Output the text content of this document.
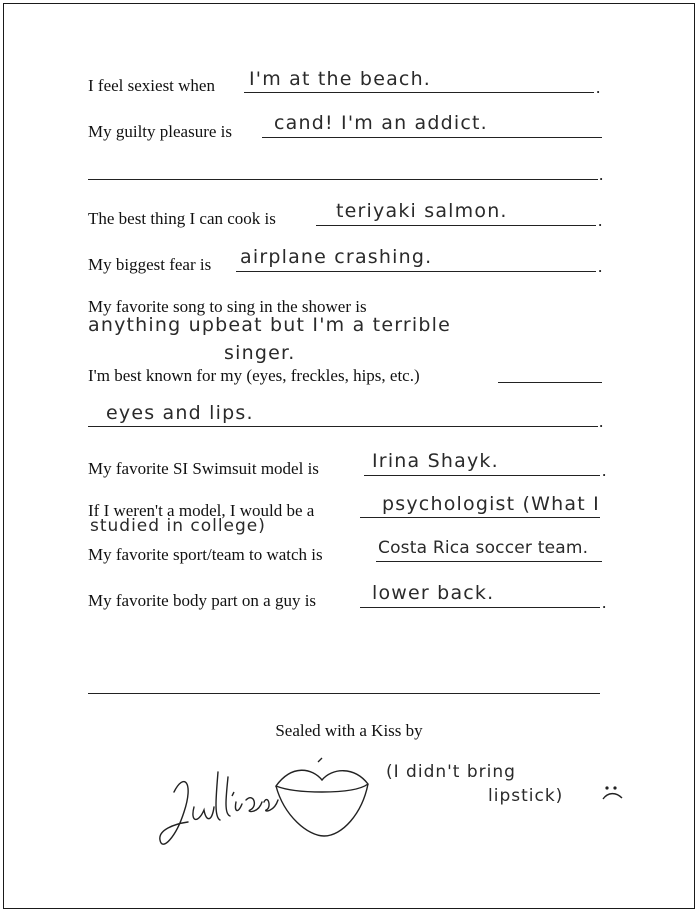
I feel sexiest when I'm at the beach.	.
My guilty pleasure is cand! I'm an addict.
.
The best thing I can cook is	teriyaki salmon.	.
My biggest fear is airplane crashing.	.
My favorite song to sing in the shower is
anything upbeat but I'm a terrible
singer.
I'm best known for my (eyes, freckles, hips, etc.)
eyes and lips.	.
My favorite SI Swimsuit model is	Irina Shayk.	.
If I weren't a model, I would be a	psychologist (What I
studied in college)
My favorite sport/team to watch is	Costa Rica soccer team.
My favorite body part on a guy is	lower back.	.
Sealed with a Kiss by
(I didn't bring
lipstick)
